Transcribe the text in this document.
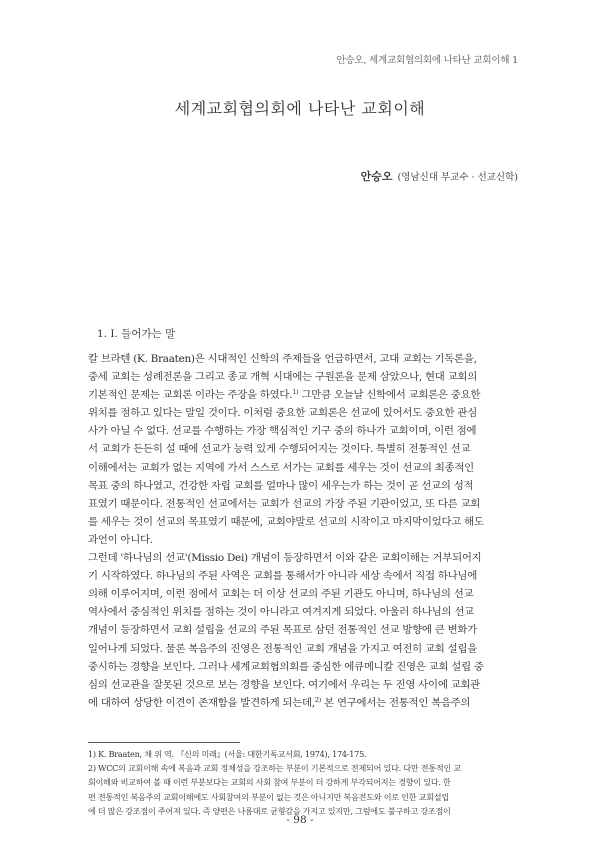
안승오, 세계교회협의회에 나타난 교회이해 1
세계교회협의회에 나타난 교회이해
안승오 (영남신대 부교수 · 선교신학)
1. I. 들어가는 말
칼 브라텐 (K. Braaten)은 시대적인 신학의 주제들을 언급하면서, 고대 교회는 기독론을,
중세 교회는 성례전론을 그리고 종교 개혁 시대에는 구원론을 문제 삼았으나, 현대 교회의
기본적인 문제는 교회론 이라는 주장을 하였다.$^{1)}$ 그만큼 오늘날 신학에서 교회론은 중요한
위치를 점하고 있다는 말일 것이다. 이처럼 중요한 교회론은 선교에 있어서도 중요한 관심
사가 아닐 수 없다. 선교를 수행하는 가장 핵심적인 기구 중의 하나가 교회이며, 이런 점에
서 교회가 든든히 설 때에 선교가 능력 있게 수행되어지는 것이다. 특별히 전통적인 선교
이해에서는 교회가 없는 지역에 가서 스스로 서가는 교회를 세우는 것이 선교의 최종적인
목표 중의 하나였고, 건강한 자립 교회를 얼마나 많이 세우는가 하는 것이 곧 선교의 성적
표였기 때문이다. 전통적인 선교에서는 교회가 선교의 가장 주된 기관이었고, 또 다른 교회
를 세우는 것이 선교의 목표였기 때문에, 교회야말로 선교의 시작이고 마지막이었다고 해도
과언이 아니다.
그런데 '하나님의 선교'(Missio Dei) 개념이 등장하면서 이와 같은 교회이해는 거부되어지
기 시작하였다. 하나님의 주된 사역은 교회를 통해서가 아니라 세상 속에서 직접 하나님에
의해 이루어지며, 이런 점에서 교회는 더 이상 선교의 주된 기관도 아니며, 하나님의 선교
역사에서 중심적인 위치를 점하는 것이 아니라고 여겨지게 되었다. 아울러 하나님의 선교
개념이 등장하면서 교회 설립을 선교의 주된 목표로 삼던 전통적인 선교 방향에 큰 변화가
일어나게 되었다. 물론 복음주의 진영은 전통적인 교회 개념을 가지고 여전히 교회 설립을
중시하는 경향을 보인다. 그러나 세계교회협의회를 중심한 에큐메니칼 진영은 교회 설립 중
심의 선교관을 잘못된 것으로 보는 경향을 보인다. 여기에서 우리는 두 진영 사이에 교회관
에 대하여 상당한 이견이 존재함을 발견하게 되는데,$^{2)}$ 본 연구에서는 전통적인 복음주의
1) K. Braaten, 채 위 역. 『신의 미래』(서울: 대한기독교서회, 1974), 174-175.
2) WCC의 교회이해 속에 복음과 교회 정체성을 강조하는 부분이 기본적으로 전제되어 있다. 다만 전통적인 교
회이해와 비교하여 볼 때 이런 부분보다는 교회의 사회 참여 부분이 더 강하게 부각되어지는 경향이 있다. 한
편 전통적인 복음주의 교회이해에도 사회참여의 부분이 없는 것은 아니지만 복음전도와 이로 인한 교회설립
에 더 많은 강조점이 주어져 있다. 즉 양편은 나름대로 균형감을 가지고 있지만, 그럼에도 불구하고 강조점이
- 98 -
